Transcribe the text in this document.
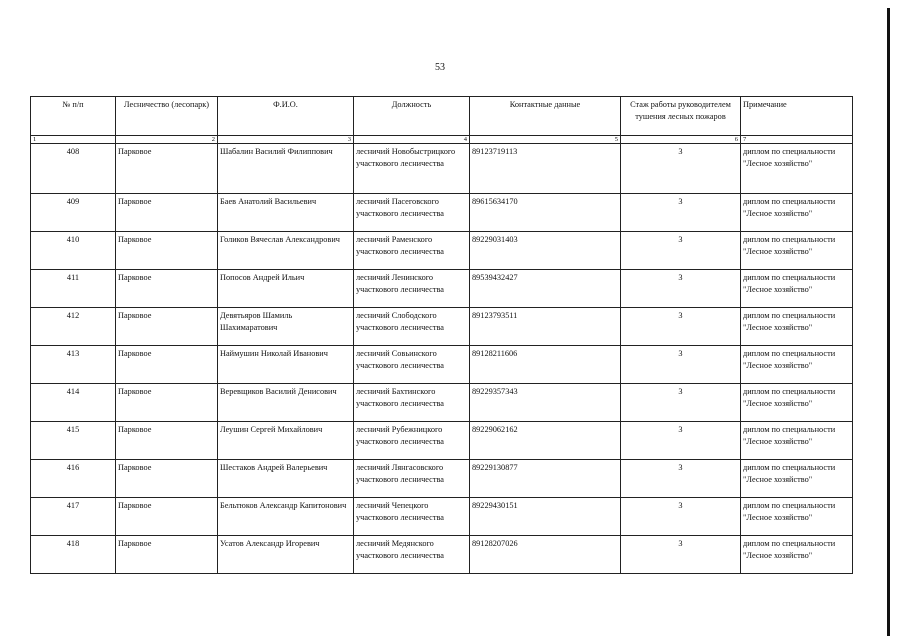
53
№ п/п	Лесничество (лесопарк)	Ф.И.О.	Должность	Контактные данные	Стаж работы руководителем тушения лесных пожаров	Примечание
1	2	3	4	5	6	7
408	Парковое	Шабалин Василий Филиппович	лесничий Новобыстрицкого участкового лесничества	89123719113	3	диплом по специальности "Лесное хозяйство"
409	Парковое	Баев Анатолий Васильевич	лесничий Пасеговского участкового лесничества	89615634170	3	диплом по специальности "Лесное хозяйство"
410	Парковое	Голиков Вячеслав Александрович	лесничий Раменского участкового лесничества	89229031403	3	диплом по специальности "Лесное хозяйство"
411	Парковое	Попосов Андрей Ильич	лесничий Ленинского участкового лесничества	89539432427	3	диплом по специальности "Лесное хозяйство"
412	Парковое	Девятьяров Шамиль Шахимаратович	лесничий Слободского участкового лесничества	89123793511	3	диплом по специальности "Лесное хозяйство"
413	Парковое	Наймушин Николай Иванович	лесничий Совьинского участкового лесничества	89128211606	3	диплом по специальности "Лесное хозяйство"
414	Парковое	Веревщиков Василий Денисович	лесничий Бахтинского участкового лесничества	89229357343	3	диплом по специальности "Лесное хозяйство"
415	Парковое	Леушин Сергей Михайлович	лесничий Рубежницкого участкового лесничества	89229062162	3	диплом по специальности "Лесное хозяйство"
416	Парковое	Шестаков Андрей Валерьевич	лесничий Лянгасовского участкового лесничества	89229130877	3	диплом по специальности "Лесное хозяйство"
417	Парковое	Бельтюков Александр Капитонович	лесничий Чепецкого участкового лесничества	89229430151	3	диплом по специальности "Лесное хозяйство"
418	Парковое	Усатов Александр Игоревич	лесничий Медянского участкового лесничества	89128207026	3	диплом по специальности "Лесное хозяйство"
